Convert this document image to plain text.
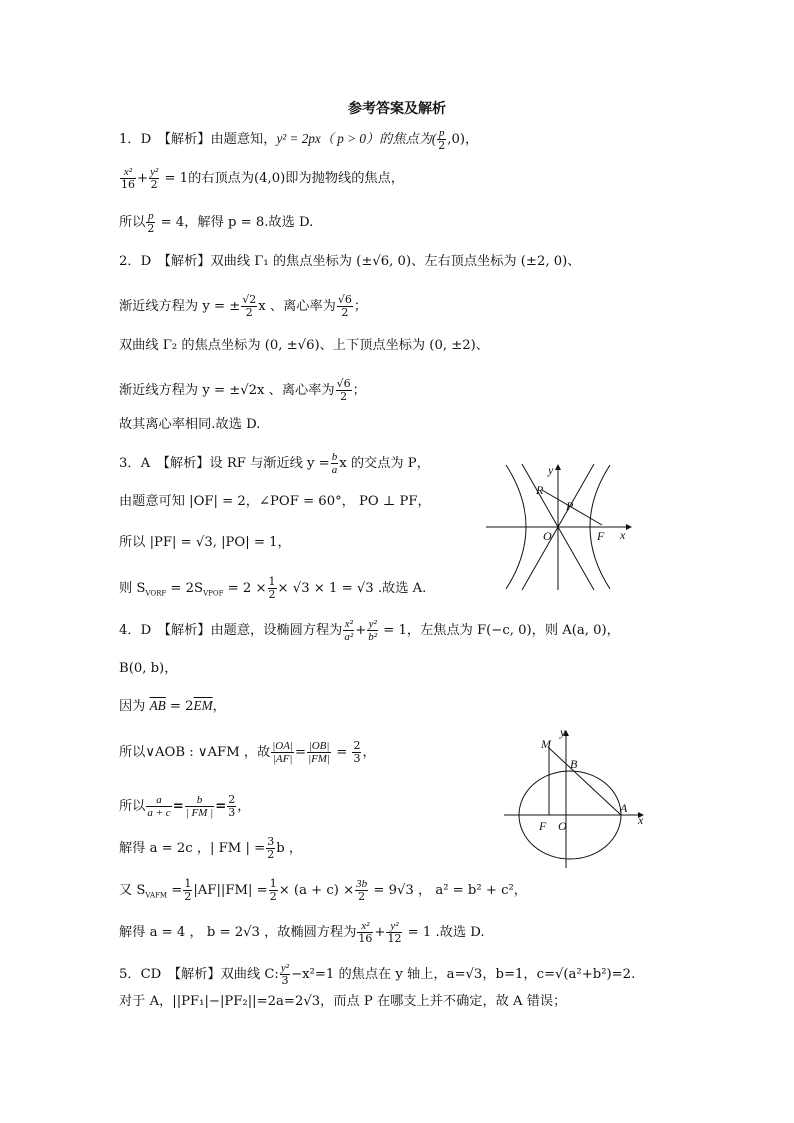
参考答案及解析
1．D　【解析】由题意知，y² = 2px（ p > 0）的焦点为( $\frac{p}{2} ,0$)，
$\frac{\text{x²}}{16} + \frac{\text{y²}}{2} = 1$的右顶点为(4,0)即为抛物线的焦点，
所以 $\frac{p}{2} = 4$，解得 p = 8.故选 D.
2．D　【解析】双曲线 Γ₁ 的焦点坐标为 (±√6, 0)、左右顶点坐标为 (±2, 0)、
渐近线方程为 y = ± $\frac{√2}{2}$ x 、离心率为 $\frac{√6}{2}$ ；
双曲线 Γ₂ 的焦点坐标为 (0, ±√6)、上下顶点坐标为 (0, ±2)、
渐近线方程为 y = ±√2x 、离心率为 $\frac{√6}{2}$ ；
故其离心率相同.故选 D.
3．A　【解析】设 RF 与渐近线 $y = \frac{b}{a}$ x 的交点为 P，
由题意可知 |OF| = 2，∠POF = 60°， PO ⊥ PF，
所以 |PF| = √3, |PO| = 1，
则 $S_{VORF} = 2S_{VPOF} = 2 \times \frac{1}{2} \times √3 \times 1 = √3$ .故选 A.
R
P
O	F x
y
4．D　【解析】由题意，设椭圆方程为 $\frac{\text{x²}}{\text{a²}} + \frac{\text{y²}}{\text{b²}} = 1$，左焦点为 F(−c, 0)，则 A(a, 0)，
B(0, b)，
因为 $\overline{AB} = 2\overline{EM}$，
所以∨AOB : ∨AFM ，故 $\frac{|OA|}{|AF|} = \frac{|OB|}{|FM|} = \frac{2}{3}$ ，
所以 $\frac{a}{a + c} = \frac{b}{| FM |} = \frac{2}{3}$ ，
解得 a = 2c ，| FM | = $\frac{3}{2}$ b ，
又 $S_{VAFM} = \frac{1}{2} |AF||FM| = \frac{1}{2} \times (a + c) \times \frac{3b}{2} = 9√3$ ， a² = b² + c²，
解得 a = 4 ， b = 2√3 ，故椭圆方程为 $\frac{\text{x²}}{16} + \frac{\text{y²}}{12} = 1$ .故选 D.
M
B
A
F O	x
y
5．CD　【解析】双曲线 C: $\frac{\text{y²}}{3} -x^2=1$ 的焦点在 y 轴上，a=√3，b=1，c=√(a²+b²)=2.
对于 A，||PF₁|−|PF₂||=2a=2√3，而点 P 在哪支上并不确定，故 A 错误；
